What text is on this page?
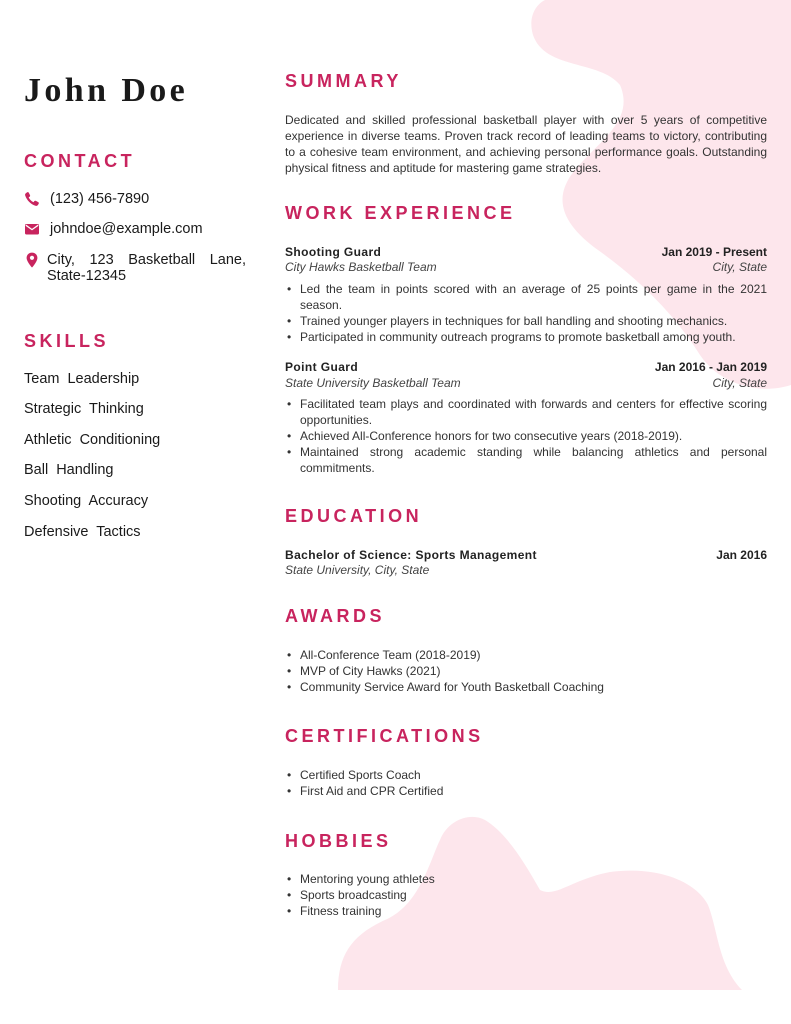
John Doe
CONTACT
(123) 456-7890
johndoe@example.com
City, 123 Basketball Lane, State-12345
SKILLS
Team Leadership
Strategic Thinking
Athletic Conditioning
Ball Handling
Shooting Accuracy
Defensive Tactics
SUMMARY

Dedicated and skilled professional basketball player with over 5 years of competitive experience in diverse teams. Proven track record of leading teams to victory, contributing to a cohesive team environment, and achieving personal performance goals. Outstanding physical fitness and aptitude for mastering game strategies.

WORK EXPERIENCE
Shooting Guard	Jan 2019 - Present
City Hawks Basketball Team	City, State
• Led the team in points scored with an average of 25 points per game in the 2021 season.
• Trained younger players in techniques for ball handling and shooting mechanics.
• Participated in community outreach programs to promote basketball among youth.
Point Guard	Jan 2016 - Jan 2019
State University Basketball Team	City, State
• Facilitated team plays and coordinated with forwards and centers for effective scoring opportunities.
• Achieved All-Conference honors for two consecutive years (2018-2019).
• Maintained strong academic standing while balancing athletics and personal commitments.
EDUCATION
Bachelor of Science: Sports Management	Jan 2016
State University, City, State
AWARDS
• All-Conference Team (2018-2019)
• MVP of City Hawks (2021)
• Community Service Award for Youth Basketball Coaching
CERTIFICATIONS
• Certified Sports Coach
• First Aid and CPR Certified
HOBBIES
• Mentoring young athletes
• Sports broadcasting
• Fitness training
